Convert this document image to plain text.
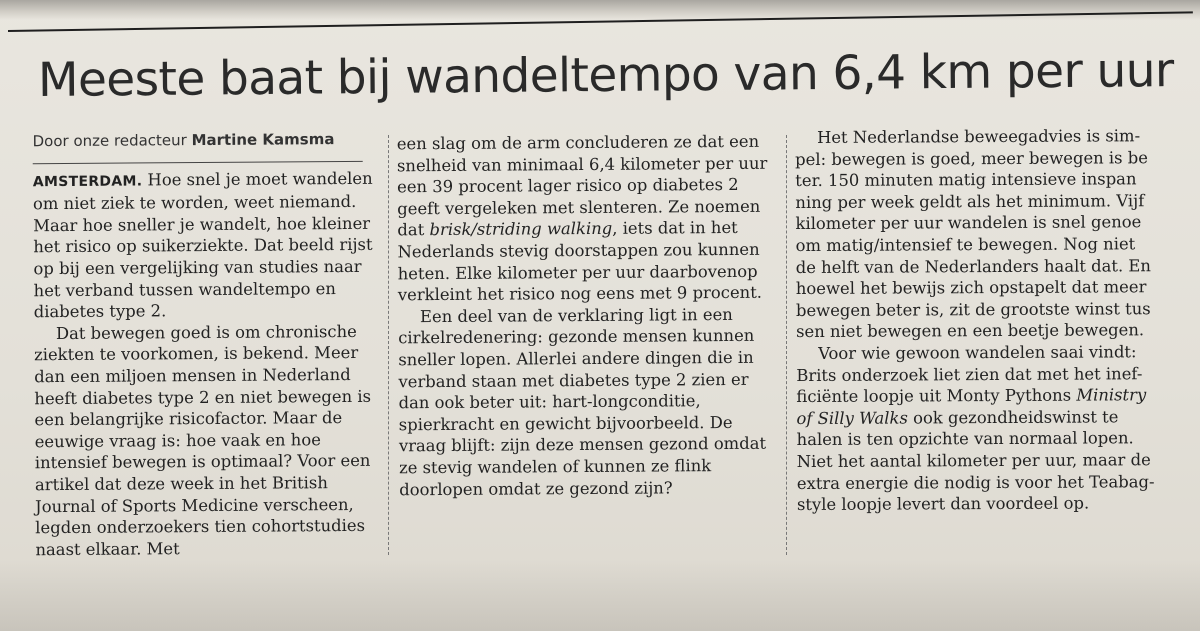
Meeste baat bij wandeltempo van 6,4 km per uur

Door onze redacteur Martine Kamsma

AMSTERDAM. Hoe snel je moet wandelen om niet ziek te worden, weet niemand. Maar hoe sneller je wandelt, hoe kleiner het risico op suikerziekte. Dat beeld rijst op bij een vergelijking van studies naar het verband tussen wandeltempo en diabetes type 2.

Dat bewegen goed is om chronische ziekten te voorkomen, is bekend. Meer dan een miljoen mensen in Nederland heeft diabetes type 2 en niet bewegen is een belangrijke risicofactor. Maar de eeuwige vraag is: hoe vaak en hoe intensief bewegen is optimaal? Voor een artikel dat deze week in het British Journal of Sports Medicine verscheen, legden onderzoekers tien cohortstudies naast elkaar. Met

een slag om de arm concluderen ze dat een snelheid van minimaal 6,4 kilometer per uur een 39 procent lager risico op diabetes 2 geeft vergeleken met slenteren. Ze noemen dat brisk/striding walking, iets dat in het Nederlands stevig doorstappen zou kunnen heten. Elke kilometer per uur daarbovenop verkleint het risico nog eens met 9 procent.

Een deel van de verklaring ligt in een cirkelredenering: gezonde mensen kunnen sneller lopen. Allerlei andere dingen die in verband staan met diabetes type 2 zien er dan ook beter uit: hart-longconditie, spierkracht en gewicht bijvoorbeeld. De vraag blijft: zijn deze mensen gezond omdat ze stevig wandelen of kunnen ze flink doorlopen omdat ze gezond zijn?

Het Nederlandse beweegadvies is sim-
pel: bewegen is goed, meer bewegen is be
ter. 150 minuten matig intensieve inspan
ning per week geldt als het minimum. Vijf
kilometer per uur wandelen is snel genoe
om matig/intensief te bewegen. Nog niet
de helft van de Nederlanders haalt dat. En
hoewel het bewijs zich opstapelt dat meer
bewegen beter is, zit de grootste winst tus
sen niet bewegen en een beetje bewegen.

Voor wie gewoon wandelen saai vindt:
Brits onderzoek liet zien dat met het inef-
ficiënte loopje uit Monty Pythons Ministry
of Silly Walks ook gezondheidswinst te
halen is ten opzichte van normaal lopen.
Niet het aantal kilometer per uur, maar de
extra energie die nodig is voor het Teabag-
style loopje levert dan voordeel op.
